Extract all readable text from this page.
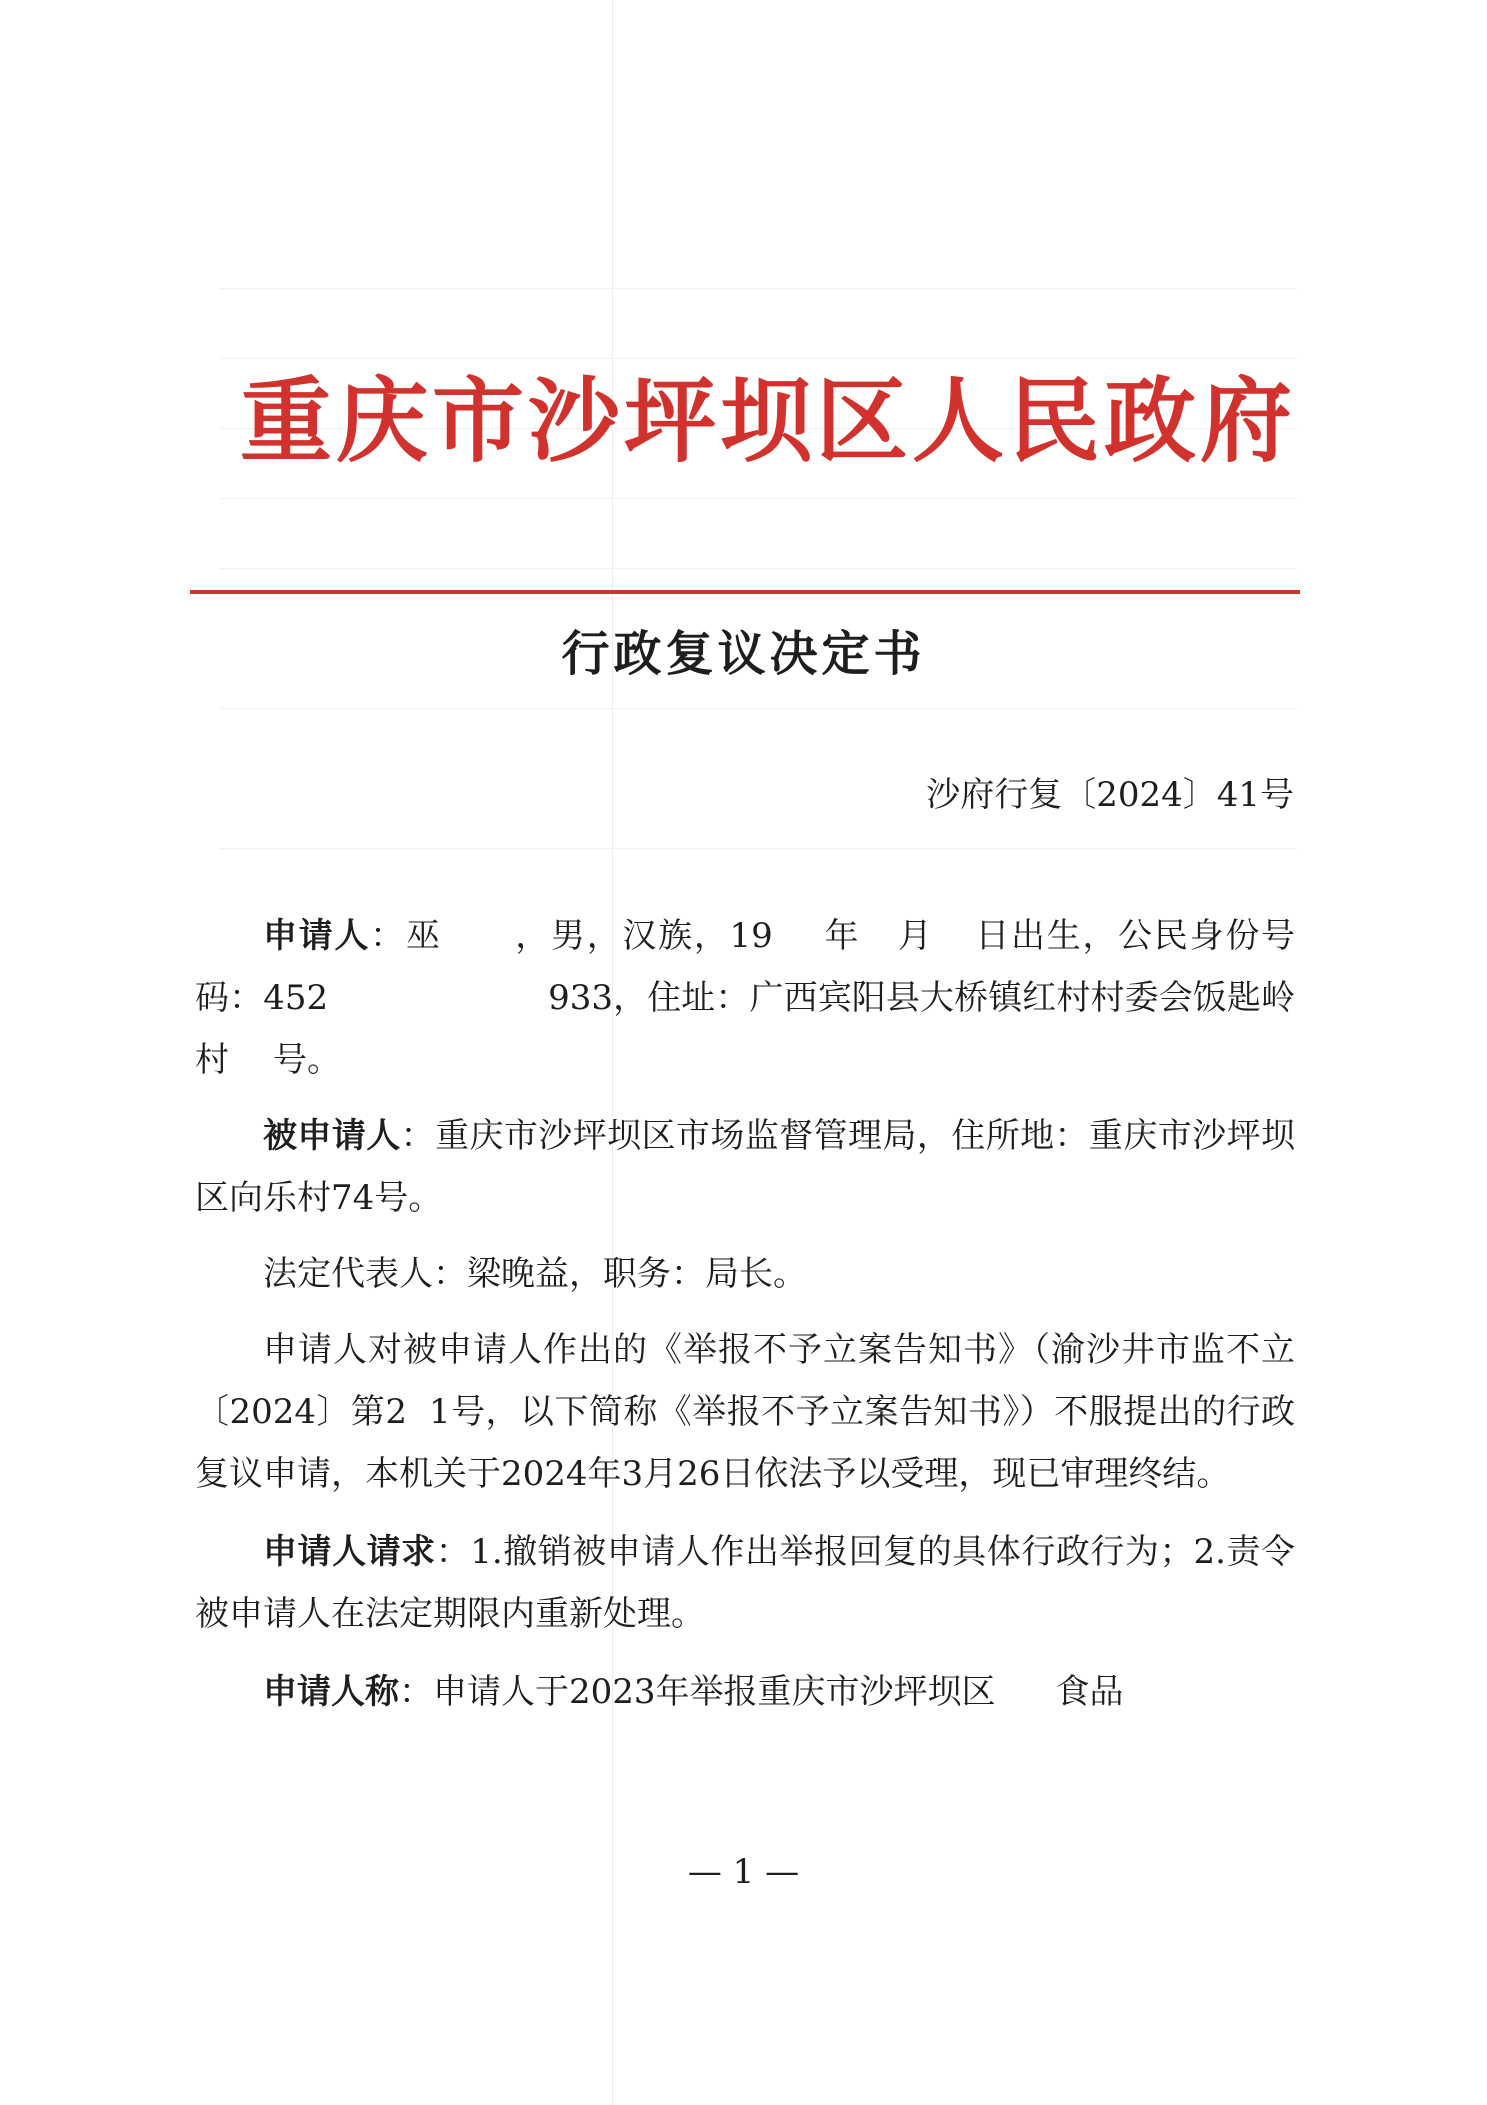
重庆市沙坪坝区人民政府
行政复议决定书
沙府行复〔2024〕41号

申请人：巫 ，男，汉族，19 年 月 日出生，公民身份号码：452	933，住址：广西宾阳县大桥镇红村村委会饭匙岭村 号。

被申请人：重庆市沙坪坝区市场监督管理局，住所地：重庆市沙坪坝区向乐村74号。

法定代表人：梁晚益，职务：局长。

申请人对被申请人作出的《举报不予立案告知书》（渝沙井市监不立〔2024〕第2 1号，以下简称《举报不予立案告知书》）不服提出的行政复议申请，本机关于2024年3月26日依法予以受理，现已审理终结。

申请人请求：1.撤销被申请人作出举报回复的具体行政行为；2.责令被申请人在法定期限内重新处理。

申请人称：申请人于2023年举报重庆市沙坪坝区 食品

— 1 —
